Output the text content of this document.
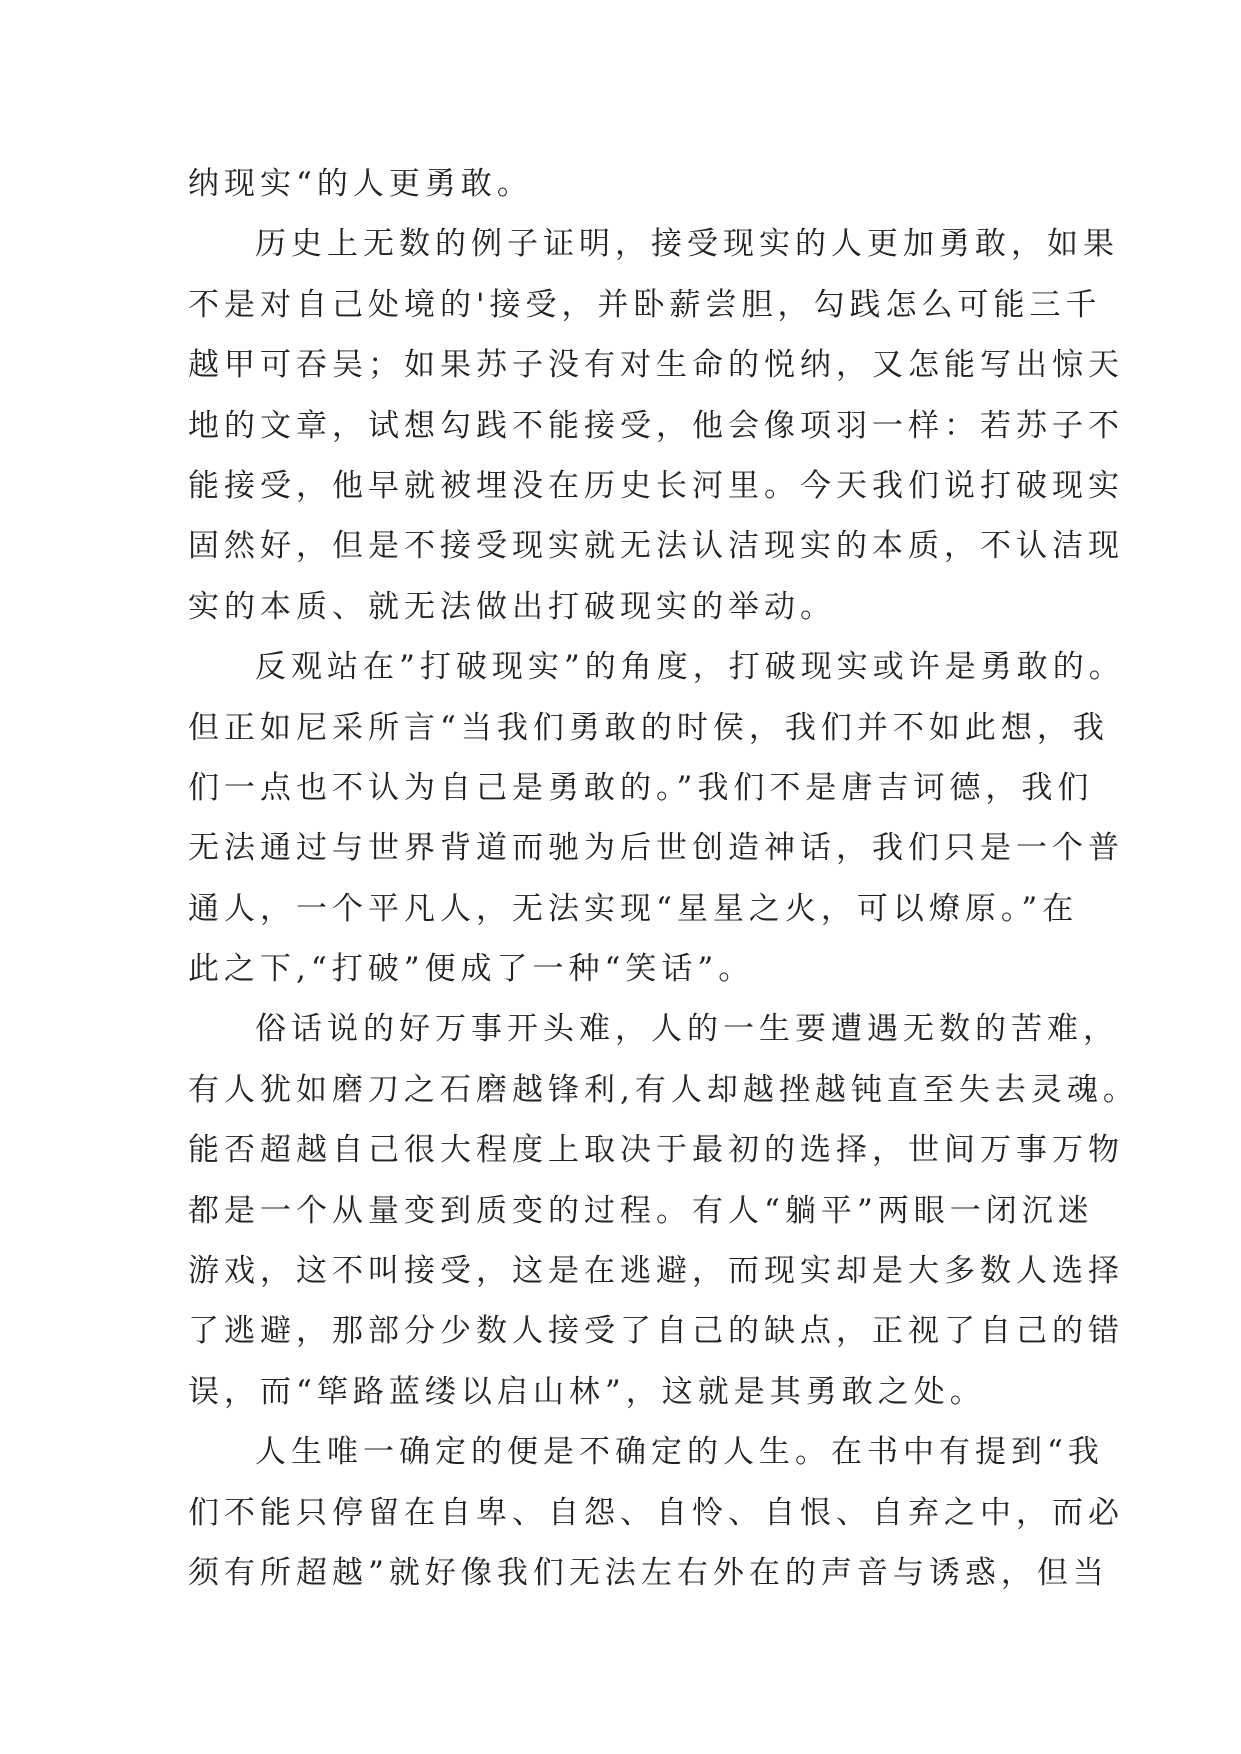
纳现实“的人更勇敢。
历史上无数的例子证明，接受现实的人更加勇敢，如果
不是对自己处境的'接受，并卧薪尝胆，勾践怎么可能三千
越甲可吞吴；如果苏子没有对生命的悦纳，又怎能写出惊天
地的文章，试想勾践不能接受，他会像项羽一样：若苏子不
能接受，他早就被埋没在历史长河里。今天我们说打破现实
固然好，但是不接受现实就无法认洁现实的本质，不认洁现
实的本质、就无法做出打破现实的举动。
反观站在”打破现实”的角度，打破现实或许是勇敢的。
但正如尼采所言“当我们勇敢的时侯，我们并不如此想，我
们一点也不认为自己是勇敢的。”我们不是唐吉诃德，我们
无法通过与世界背道而驰为后世创造神话，我们只是一个普
通人，一个平凡人，无法实现“星星之火，可以燎原。”在
此之下,“打破”便成了一种“笑话”。
俗话说的好万事开头难，人的一生要遭遇无数的苦难，
有人犹如磨刀之石磨越锋利,有人却越挫越钝直至失去灵魂。
能否超越自己很大程度上取决于最初的选择，世间万事万物
都是一个从量变到质变的过程。有人“躺平”两眼一闭沉迷
游戏，这不叫接受，这是在逃避，而现实却是大多数人选择
了逃避，那部分少数人接受了自己的缺点，正视了自己的错
误，而“筚路蓝缕以启山林”，这就是其勇敢之处。
人生唯一确定的便是不确定的人生。在书中有提到“我
们不能只停留在自卑、自怨、自怜、自恨、自弃之中，而必
须有所超越”就好像我们无法左右外在的声音与诱惑，但当
